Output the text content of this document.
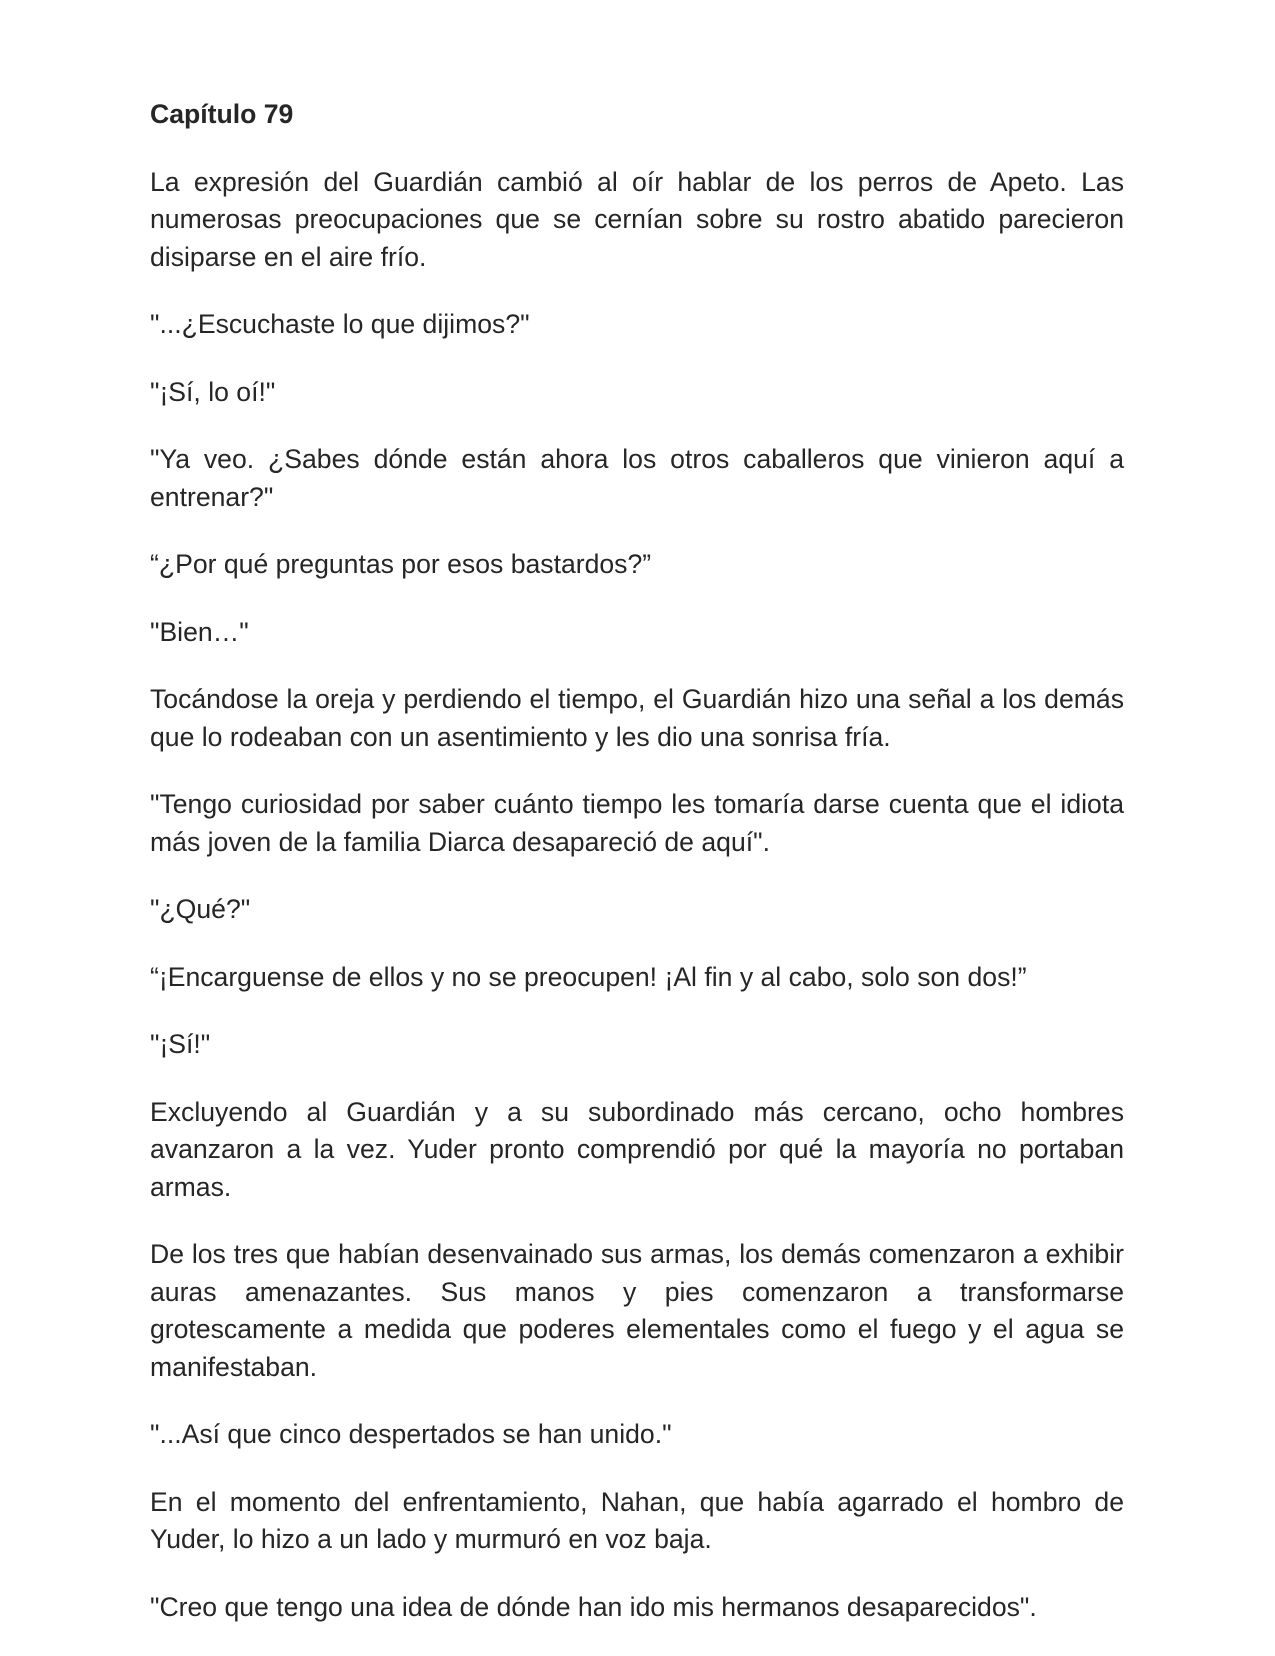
Capítulo 79

La expresión del Guardián cambió al oír hablar de los perros de Apeto. Las numerosas preocupaciones que se cernían sobre su rostro abatido parecieron disiparse en el aire frío.

"...¿Escuchaste lo que dijimos?"

"¡Sí, lo oí!"

"Ya veo. ¿Sabes dónde están ahora los otros caballeros que vinieron aquí a entrenar?"

“¿Por qué preguntas por esos bastardos?”

"Bien…"

Tocándose la oreja y perdiendo el tiempo, el Guardián hizo una señal a los demás que lo rodeaban con un asentimiento y les dio una sonrisa fría.

"Tengo curiosidad por saber cuánto tiempo les tomaría darse cuenta que el idiota más joven de la familia Diarca desapareció de aquí".

"¿Qué?"

“¡Encarguense de ellos y no se preocupen! ¡Al fin y al cabo, solo son dos!”

"¡Sí!"

Excluyendo al Guardián y a su subordinado más cercano, ocho hombres avanzaron a la vez. Yuder pronto comprendió por qué la mayoría no portaban armas.

De los tres que habían desenvainado sus armas, los demás comenzaron a exhibir auras amenazantes. Sus manos y pies comenzaron a transformarse grotescamente a medida que poderes elementales como el fuego y el agua se manifestaban.

"...Así que cinco despertados se han unido."

En el momento del enfrentamiento, Nahan, que había agarrado el hombro de Yuder, lo hizo a un lado y murmuró en voz baja.

"Creo que tengo una idea de dónde han ido mis hermanos desaparecidos".
